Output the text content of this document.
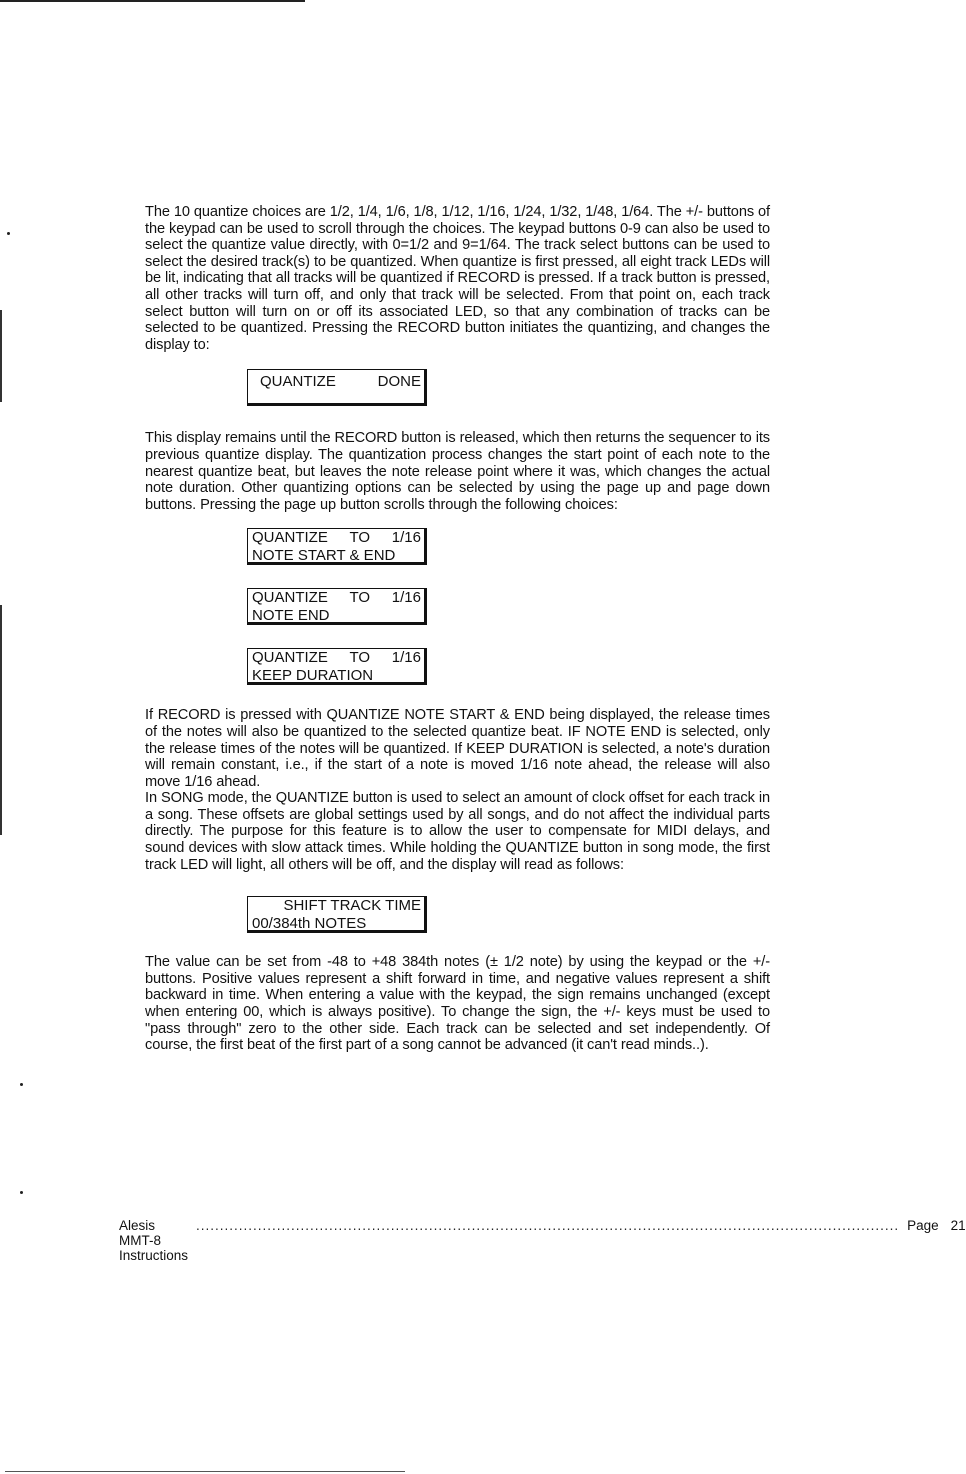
The 10 quantize choices are 1/2, 1/4, 1/6, 1/8, 1/12, 1/16, 1/24, 1/32, 1/48, 1/64. The +/- buttons of the keypad can be used to scroll through the choices. The keypad buttons 0-9 can also be used to select the quantize value directly, with 0=1/2 and 9=1/64. The track select buttons can be used to select the desired track(s) to be quantized. When quantize is first pressed, all eight track LEDs will be lit, indicating that all tracks will be quantized if RECORD is pressed. If a track button is pressed, all other tracks will turn off, and only that track will be selected. From that point on, each track select button will turn on or off its associated LED, so that any combination of tracks can be selected to be quantized. Pressing the RECORD button initiates the quantizing, and changes the display to:

QUANTIZE	DONE

This display remains until the RECORD button is released, which then returns the sequencer to its previous quantize display. The quantization process changes the start point of each note to the nearest quantize beat, but leaves the note release point where it was, which changes the actual note duration. Other quantizing options can be selected by using the page up and page down buttons. Pressing the page up button scrolls through the following choices:

QUANTIZE TO 1/16
NOTE START & END
QUANTIZE TO 1/16
NOTE END
QUANTIZE TO 1/16
KEEP DURATION

If RECORD is pressed with QUANTIZE NOTE START & END being displayed, the release times of the notes will also be quantized to the selected quantize beat. IF NOTE END is selected, only the release times of the notes will be quantized. If KEEP DURATION is selected, a note's duration will remain constant, i.e., if the start of a note is moved 1/16 note ahead, the release will also move 1/16 ahead.

In SONG mode, the QUANTIZE button is used to select an amount of clock offset for each track in a song. These offsets are global settings used by all songs, and do not affect the individual parts directly. The purpose for this feature is to allow the user to compensate for MIDI delays, and sound devices with slow attack times. While holding the QUANTIZE button in song mode, the first track LED will light, all others will be off, and the display will read as follows:

SHIFT TRACK TIME
00/384th NOTES

The value can be set from -48 to +48 384th notes (± 1/2 note) by using the keypad or the +/- buttons. Positive values represent a shift forward in time, and negative values represent a shift backward in time. When entering a value with the keypad, the sign remains unchanged (except when entering 00, which is always positive). To change the sign, the +/- keys must be used to "pass through" zero to the other side. Each track can be selected and set independently. Of course, the first beat of the first part of a song cannot be advanced (it can't read minds..).

Alesis MMT-8 Instructions
.................................................................................................................................................... Page 21
